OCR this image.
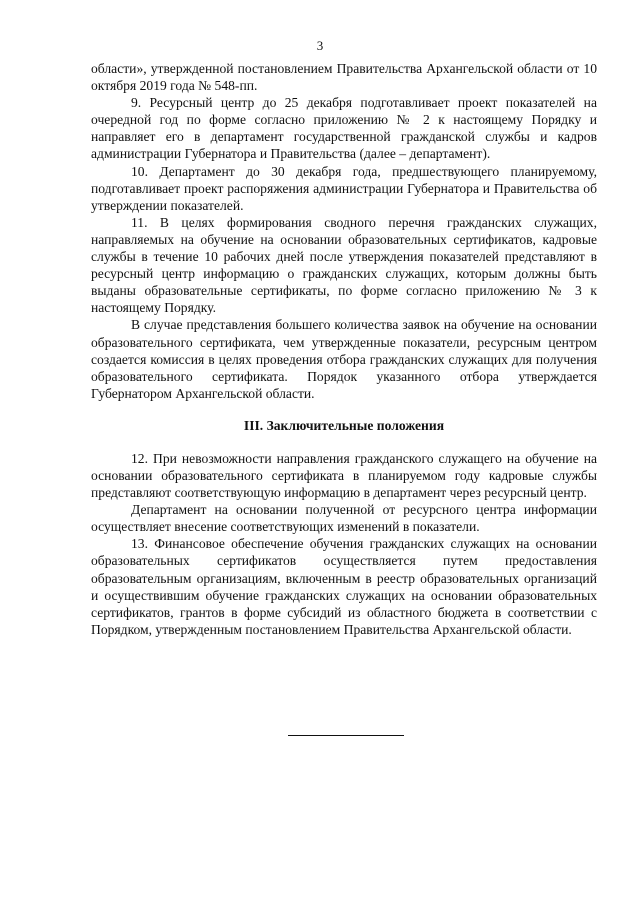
3

области», утвержденной постановлением Правительства Архангельской области от 10 октября 2019 года № 548-пп.

9. Ресурсный центр до 25 декабря подготавливает проект показателей на очередной год по форме согласно приложению № 2 к настоящему Порядку и направляет его в департамент государственной гражданской службы и кадров администрации Губернатора и Правительства (далее – департамент).

10. Департамент до 30 декабря года, предшествующего планируемому, подготавливает проект распоряжения администрации Губернатора и Правительства об утверждении показателей.

11. В целях формирования сводного перечня гражданских служащих, направляемых на обучение на основании образовательных сертификатов, кадровые службы в течение 10 рабочих дней после утверждения показателей представляют в ресурсный центр информацию о гражданских служащих, которым должны быть выданы образовательные сертификаты, по форме согласно приложению № 3 к настоящему Порядку.

В случае представления большего количества заявок на обучение на основании образовательного сертификата, чем утвержденные показатели, ресурсным центром создается комиссия в целях проведения отбора гражданских служащих для получения образовательного сертификата. Порядок указанного отбора утверждается Губернатором Архангельской области.

III. Заключительные положения

12. При невозможности направления гражданского служащего на обучение на основании образовательного сертификата в планируемом году кадровые службы представляют соответствующую информацию в департамент через ресурсный центр.

Департамент на основании полученной от ресурсного центра информации осуществляет внесение соответствующих изменений в показатели.

13. Финансовое обеспечение обучения гражданских служащих на основании образовательных сертификатов осуществляется путем предоставления образовательным организациям, включенным в реестр образовательных организаций и осуществившим обучение гражданских служащих на основании образовательных сертификатов, грантов в форме субсидий из областного бюджета в соответствии с Порядком, утвержденным постановлением Правительства Архангельской области.
